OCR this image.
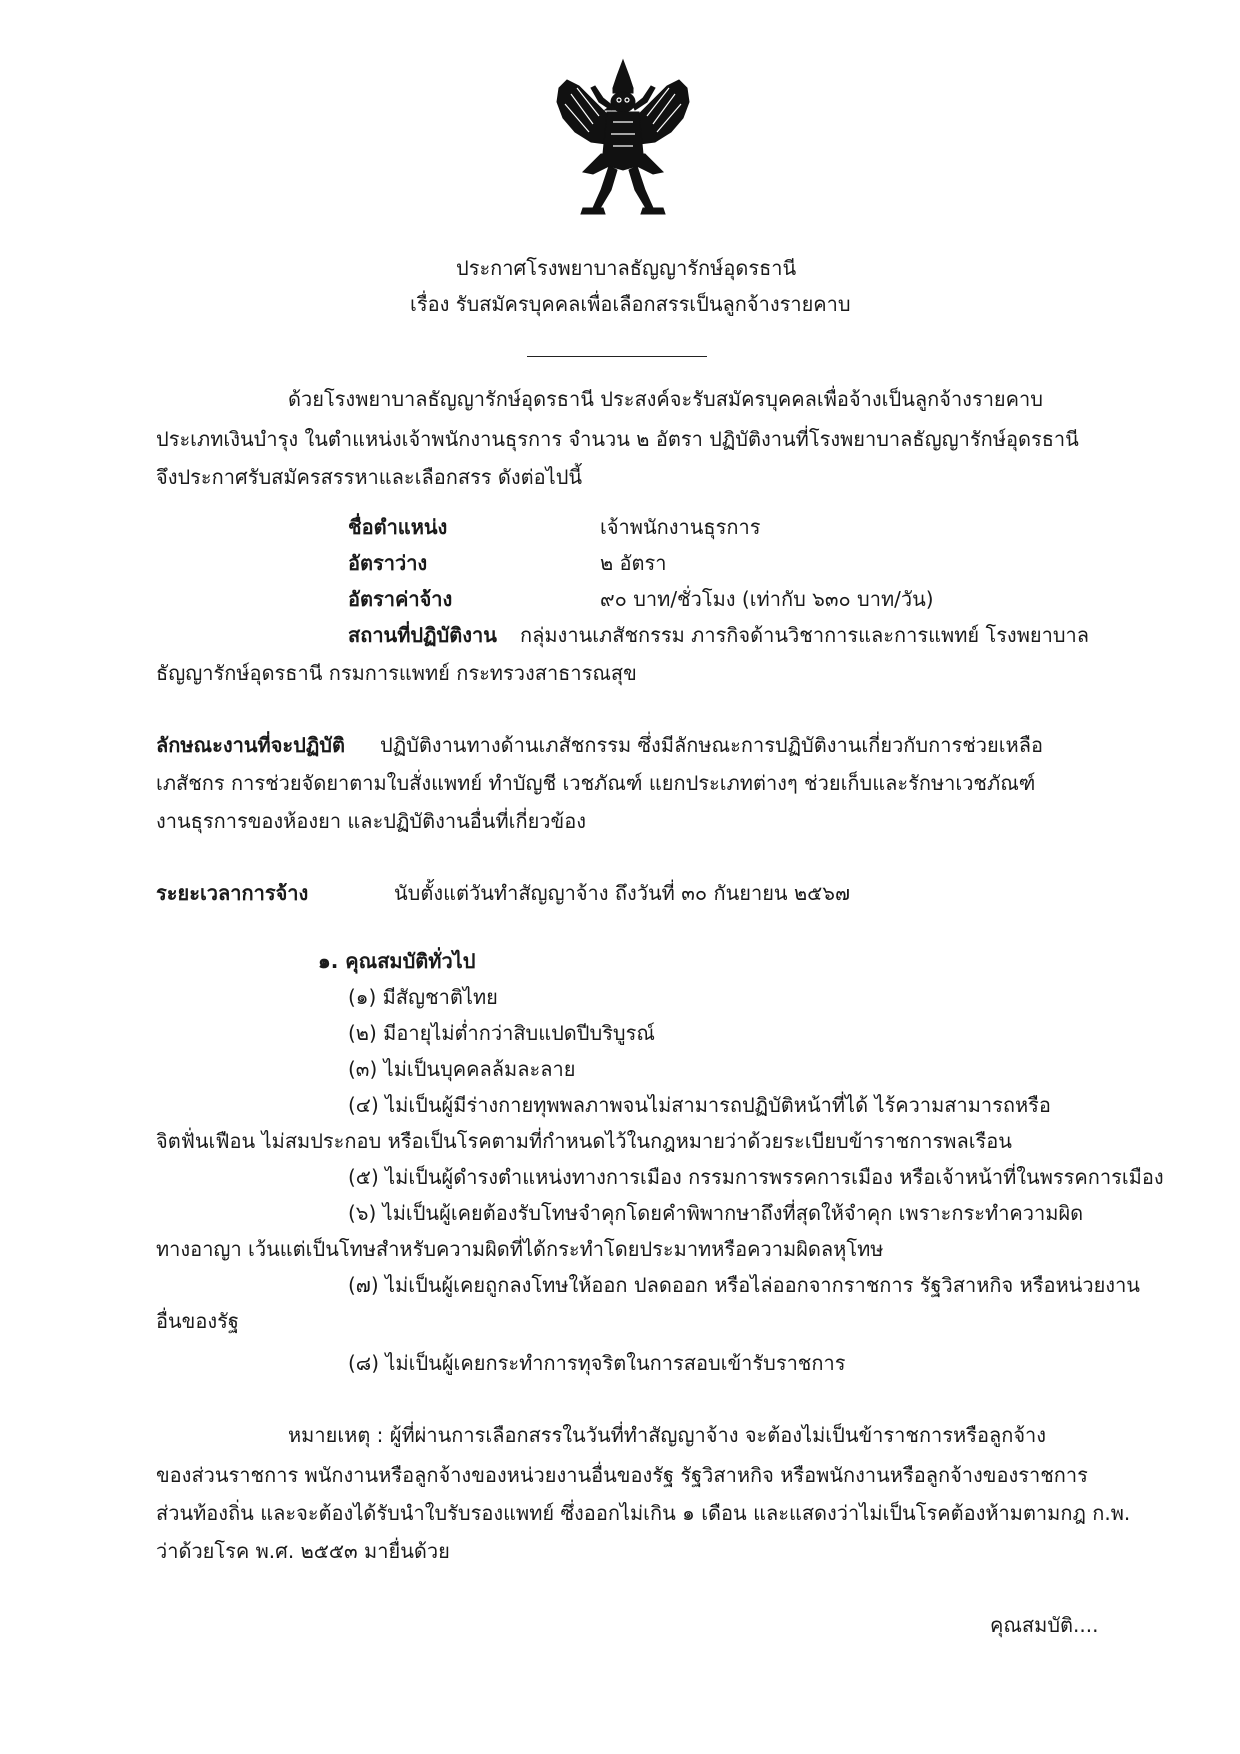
ประกาศโรงพยาบาลธัญญารักษ์อุดรธานี
เรื่อง รับสมัครบุคคลเพื่อเลือกสรรเป็นลูกจ้างรายคาบ
ด้วยโรงพยาบาลธัญญารักษ์อุดรธานี ประสงค์จะรับสมัครบุคคลเพื่อจ้างเป็นลูกจ้างรายคาบ
ประเภทเงินบำรุง ในตำแหน่งเจ้าพนักงานธุรการ จำนวน ๒ อัตรา ปฏิบัติงานที่โรงพยาบาลธัญญารักษ์อุดรธานี
จึงประกาศรับสมัครสรรหาและเลือกสรร ดังต่อไปนี้
ชื่อตำแหน่ง	เจ้าพนักงานธุรการ
อัตราว่าง	๒ อัตรา
อัตราค่าจ้าง	๙๐ บาท/ชั่วโมง (เท่ากับ ๖๓๐ บาท/วัน)
สถานที่ปฏิบัติงาน กลุ่มงานเภสัชกรรม ภารกิจด้านวิชาการและการแพทย์ โรงพยาบาล
ธัญญารักษ์อุดรธานี กรมการแพทย์ กระทรวงสาธารณสุข
ลักษณะงานที่จะปฏิบัติ ปฏิบัติงานทางด้านเภสัชกรรม ซึ่งมีลักษณะการปฏิบัติงานเกี่ยวกับการช่วยเหลือ
เภสัชกร การช่วยจัดยาตามใบสั่งแพทย์ ทำบัญชี เวชภัณฑ์ แยกประเภทต่างๆ ช่วยเก็บและรักษาเวชภัณฑ์
งานธุรการของห้องยา และปฏิบัติงานอื่นที่เกี่ยวข้อง
ระยะเวลาการจ้าง	นับตั้งแต่วันทำสัญญาจ้าง ถึงวันที่ ๓๐ กันยายน ๒๕๖๗
๑. คุณสมบัติทั่วไป
(๑) มีสัญชาติไทย
(๒) มีอายุไม่ต่ำกว่าสิบแปดปีบริบูรณ์
(๓) ไม่เป็นบุคคลล้มละลาย
(๔) ไม่เป็นผู้มีร่างกายทุพพลภาพจนไม่สามารถปฏิบัติหน้าที่ได้ ไร้ความสามารถหรือ
จิตฟั่นเฟือน ไม่สมประกอบ หรือเป็นโรคตามที่กำหนดไว้ในกฎหมายว่าด้วยระเบียบข้าราชการพลเรือน
(๕) ไม่เป็นผู้ดำรงตำแหน่งทางการเมือง กรรมการพรรคการเมือง หรือเจ้าหน้าที่ในพรรคการเมือง
(๖) ไม่เป็นผู้เคยต้องรับโทษจำคุกโดยคำพิพากษาถึงที่สุดให้จำคุก เพราะกระทำความผิด
ทางอาญา เว้นแต่เป็นโทษสำหรับความผิดที่ได้กระทำโดยประมาทหรือความผิดลหุโทษ
(๗) ไม่เป็นผู้เคยถูกลงโทษให้ออก ปลดออก หรือไล่ออกจากราชการ รัฐวิสาหกิจ หรือหน่วยงาน
อื่นของรัฐ
(๘) ไม่เป็นผู้เคยกระทำการทุจริตในการสอบเข้ารับราชการ
หมายเหตุ : ผู้ที่ผ่านการเลือกสรรในวันที่ทำสัญญาจ้าง จะต้องไม่เป็นข้าราชการหรือลูกจ้าง
ของส่วนราชการ พนักงานหรือลูกจ้างของหน่วยงานอื่นของรัฐ รัฐวิสาหกิจ หรือพนักงานหรือลูกจ้างของราชการ
ส่วนท้องถิ่น และจะต้องได้รับนำใบรับรองแพทย์ ซึ่งออกไม่เกิน ๑ เดือน และแสดงว่าไม่เป็นโรคต้องห้ามตามกฎ ก.พ.
ว่าด้วยโรค พ.ศ. ๒๕๕๓ มายื่นด้วย
คุณสมบัติ....
